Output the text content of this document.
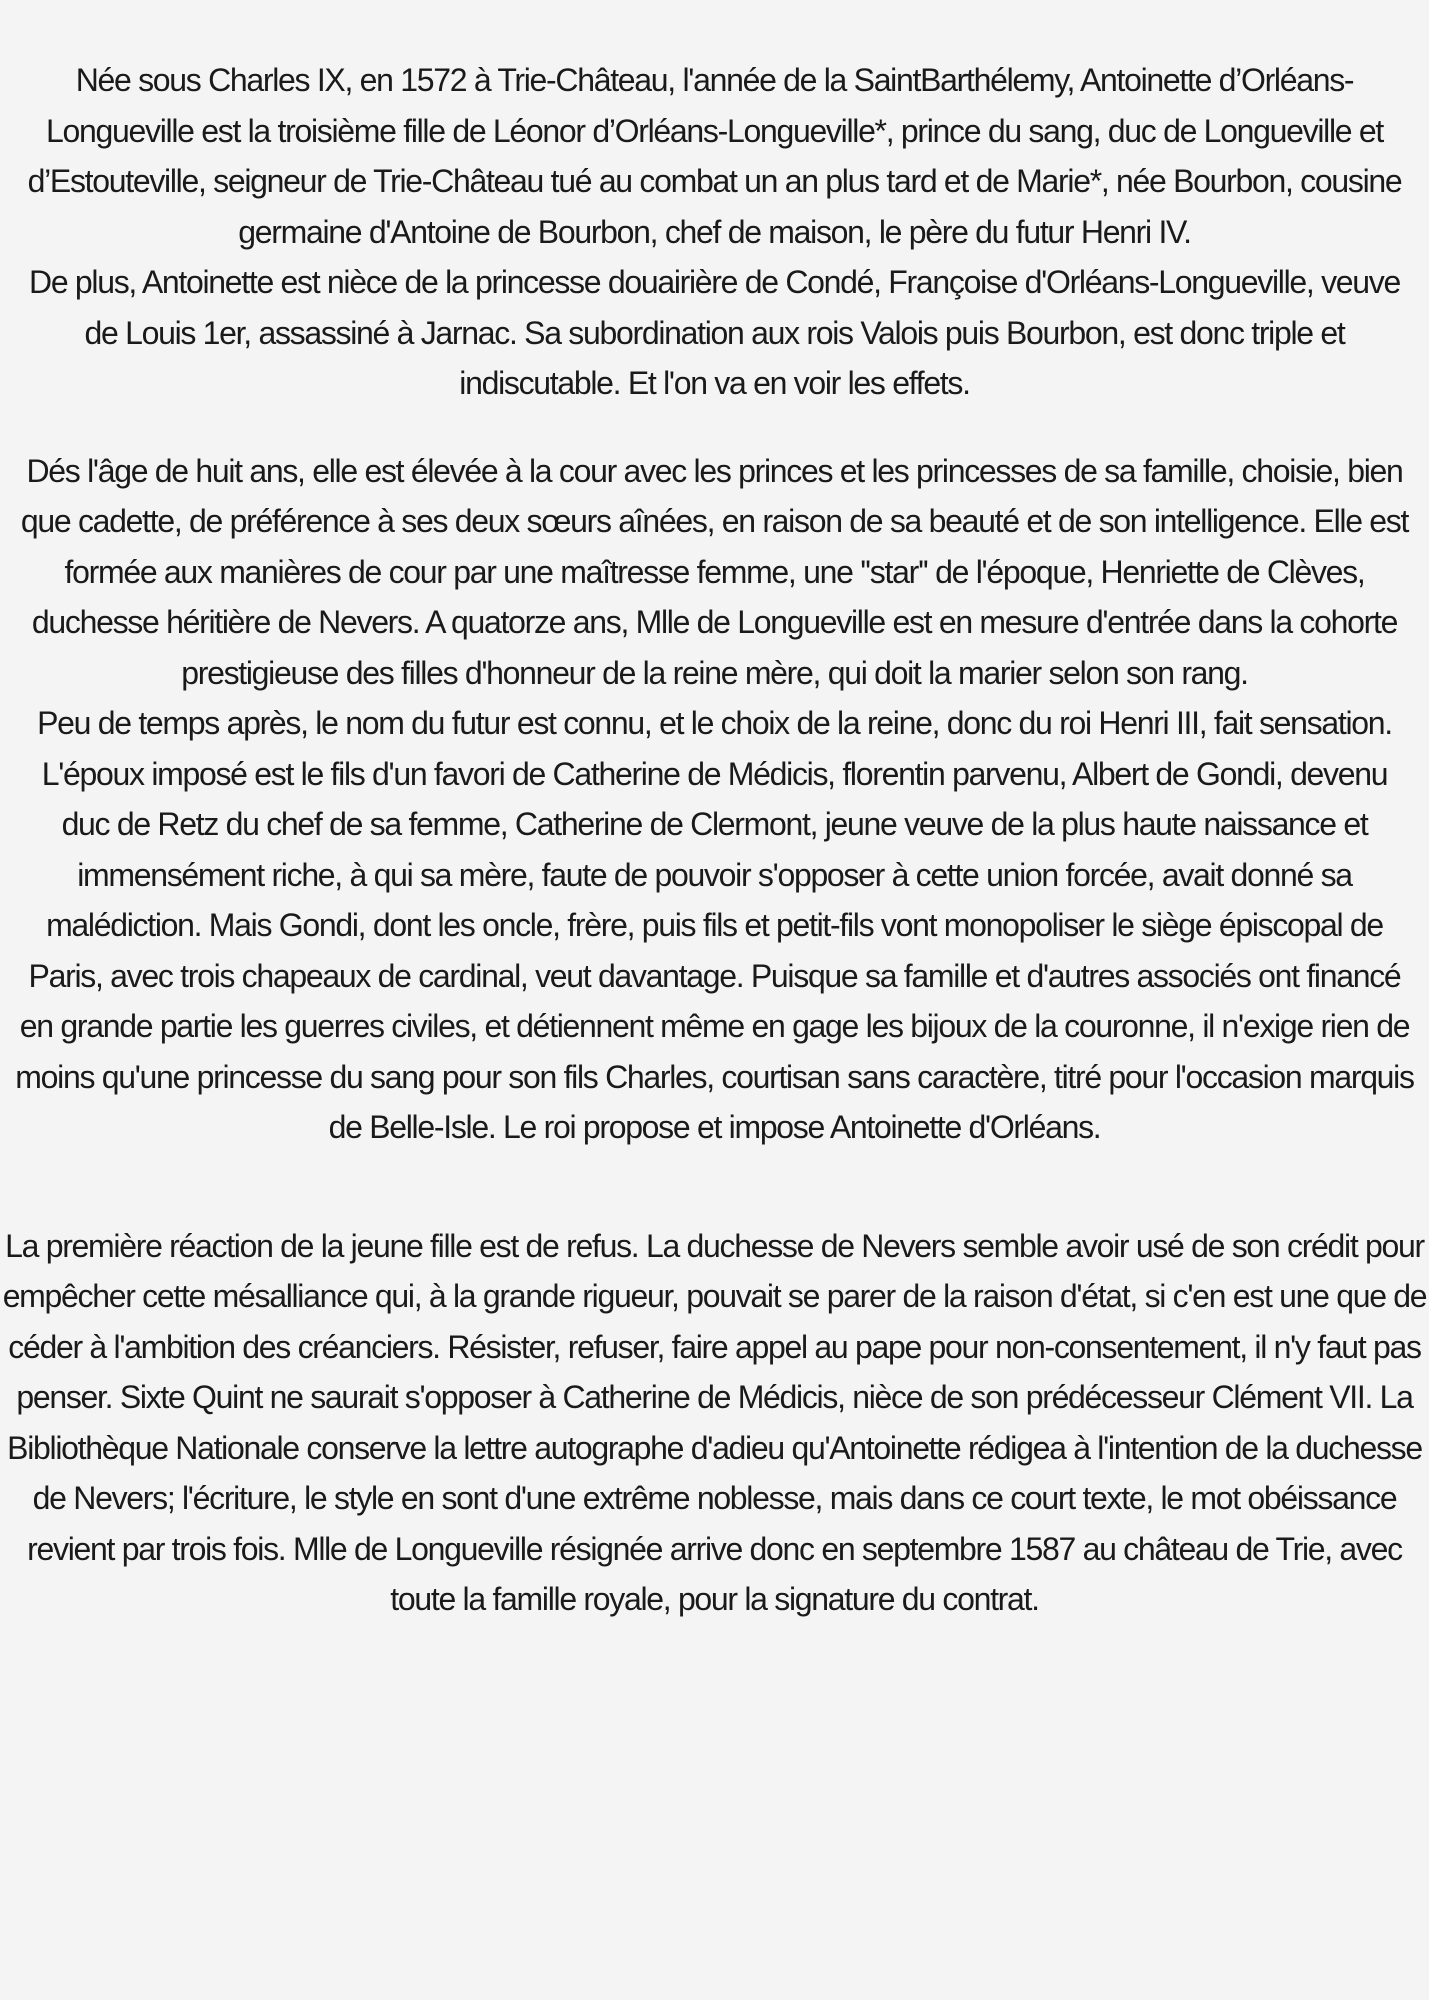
Née sous Charles IX, en 1572 à Trie-Château, l'année de la SaintBarthélemy, Antoinette d’Orléans-Longueville est la troisième fille de Léonor d’Orléans-Longueville*, prince du sang, duc de Longueville et d’Estouteville, seigneur de Trie-Château tué au combat un an plus tard et de Marie*, née Bourbon, cousine germaine d'Antoine de Bourbon, chef de maison, le père du futur Henri IV.

De plus, Antoinette est nièce de la princesse douairière de Condé, Françoise d'Orléans-Longueville, veuve de Louis 1er, assassiné à Jarnac. Sa subordination aux rois Valois puis Bourbon, est donc triple et indiscutable. Et l'on va en voir les effets.

Dés l'âge de huit ans, elle est élevée à la cour avec les princes et les princesses de sa famille, choisie, bien que cadette, de préférence à ses deux sœurs aînées, en raison de sa beauté et de son intelligence. Elle est formée aux manières de cour par une maîtresse femme, une ''star'' de l'époque, Henriette de Clèves, duchesse héritière de Nevers. A quatorze ans, Mlle de Longueville est en mesure d'entrée dans la cohorte prestigieuse des filles d'honneur de la reine mère, qui doit la marier selon son rang.

Peu de temps après, le nom du futur est connu, et le choix de la reine, donc du roi Henri III, fait sensation. L'époux imposé est le fils d'un favori de Catherine de Médicis, florentin parvenu, Albert de Gondi, devenu duc de Retz du chef de sa femme, Catherine de Clermont, jeune veuve de la plus haute naissance et immensément riche, à qui sa mère, faute de pouvoir s'opposer à cette union forcée, avait donné sa malédiction. Mais Gondi, dont les oncle, frère, puis fils et petit-fils vont monopoliser le siège épiscopal de Paris, avec trois chapeaux de cardinal, veut davantage. Puisque sa famille et d'autres associés ont financé en grande partie les guerres civiles, et détiennent même en gage les bijoux de la couronne, il n'exige rien de moins qu'une princesse du sang pour son fils Charles, courtisan sans caractère, titré pour l'occasion marquis de Belle-Isle. Le roi propose et impose Antoinette d'Orléans.

La première réaction de la jeune fille est de refus. La duchesse de Nevers semble avoir usé de son crédit pour empêcher cette mésalliance qui, à la grande rigueur, pouvait se parer de la raison d'état, si c'en est une que de céder à l'ambition des créanciers. Résister, refuser, faire appel au pape pour non-consentement, il n'y faut pas penser. Sixte Quint ne saurait s'opposer à Catherine de Médicis, nièce de son prédécesseur Clément VII. La Bibliothèque Nationale conserve la lettre autographe d'adieu qu'Antoinette rédigea à l'intention de la duchesse de Nevers; l'écriture, le style en sont d'une extrême noblesse, mais dans ce court texte, le mot obéissance revient par trois fois. Mlle de Longueville résignée arrive donc en septembre 1587 au château de Trie, avec toute la famille royale, pour la signature du contrat.
